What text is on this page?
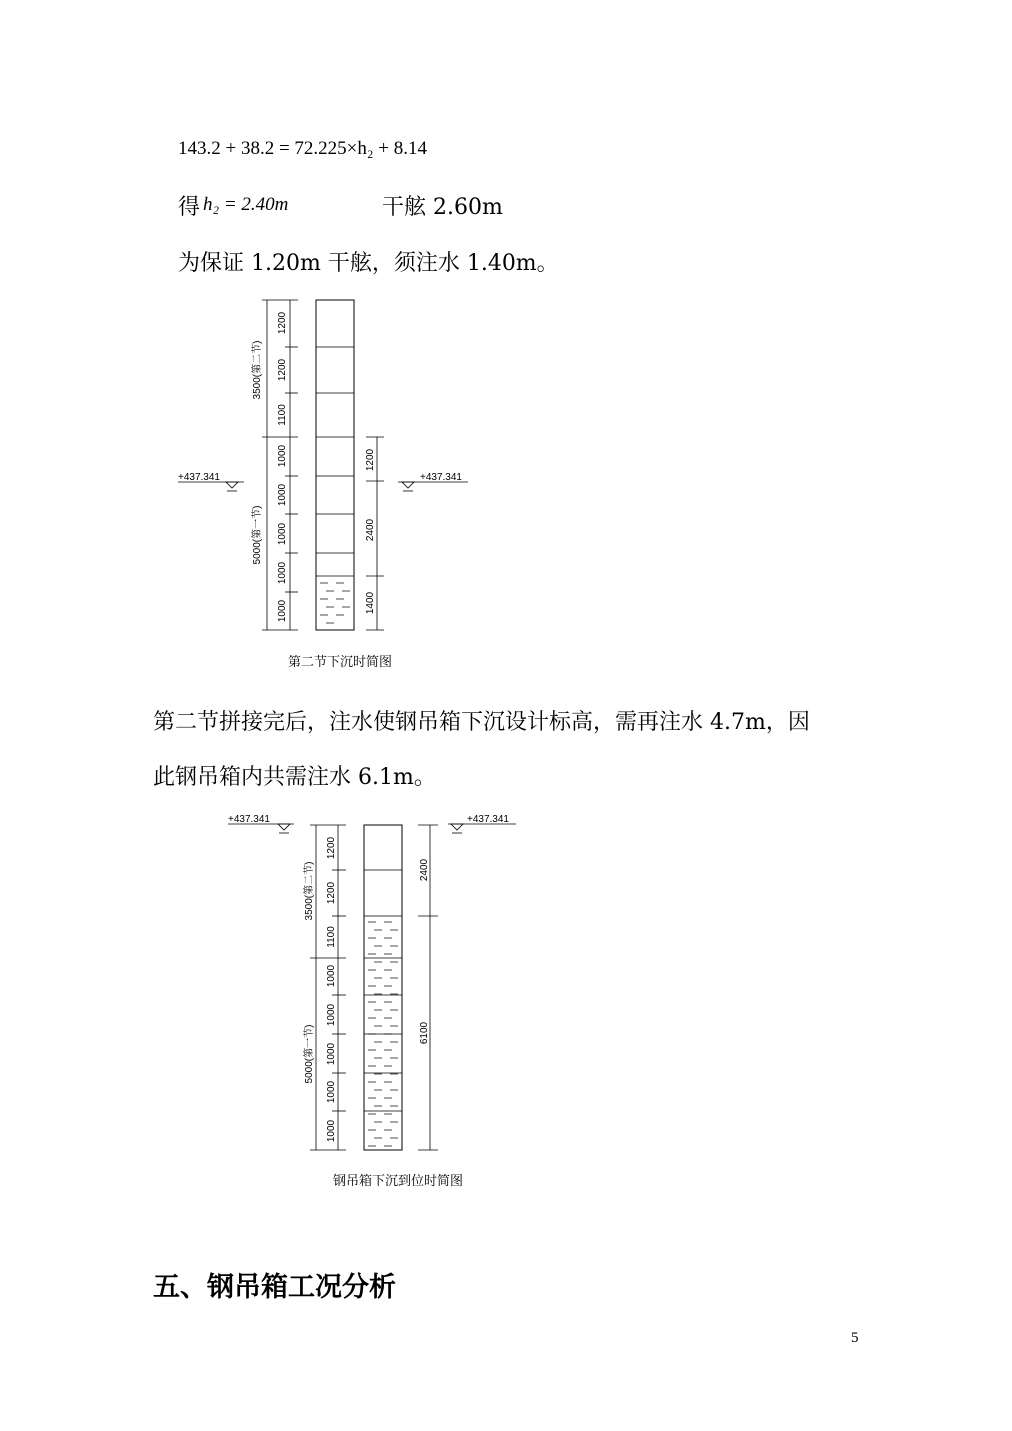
143.2 + 38.2 = 72.225×h₂ + 8.14
得 h₂ = 2.40m	干舷 2.60m
为保证 1.20m 干舷，须注水 1.40m。
3500(第二节)
5000(第一节)
1200
1200
1100
1000
1000
1000
1000
1000
1200
2400
1400
+437.341	+437.341
第二节下沉时简图
第二节拼接完后，注水使钢吊箱下沉设计标高，需再注水 4.7m，因
此钢吊箱内共需注水 6.1m。
3500(第二节)
5000(第一节)
1200
1200
1100
1000
1000
1000
1000
1000
2400
6100
+437.341	+437.341
钢吊箱下沉到位时简图
五、钢吊箱工况分析
5
